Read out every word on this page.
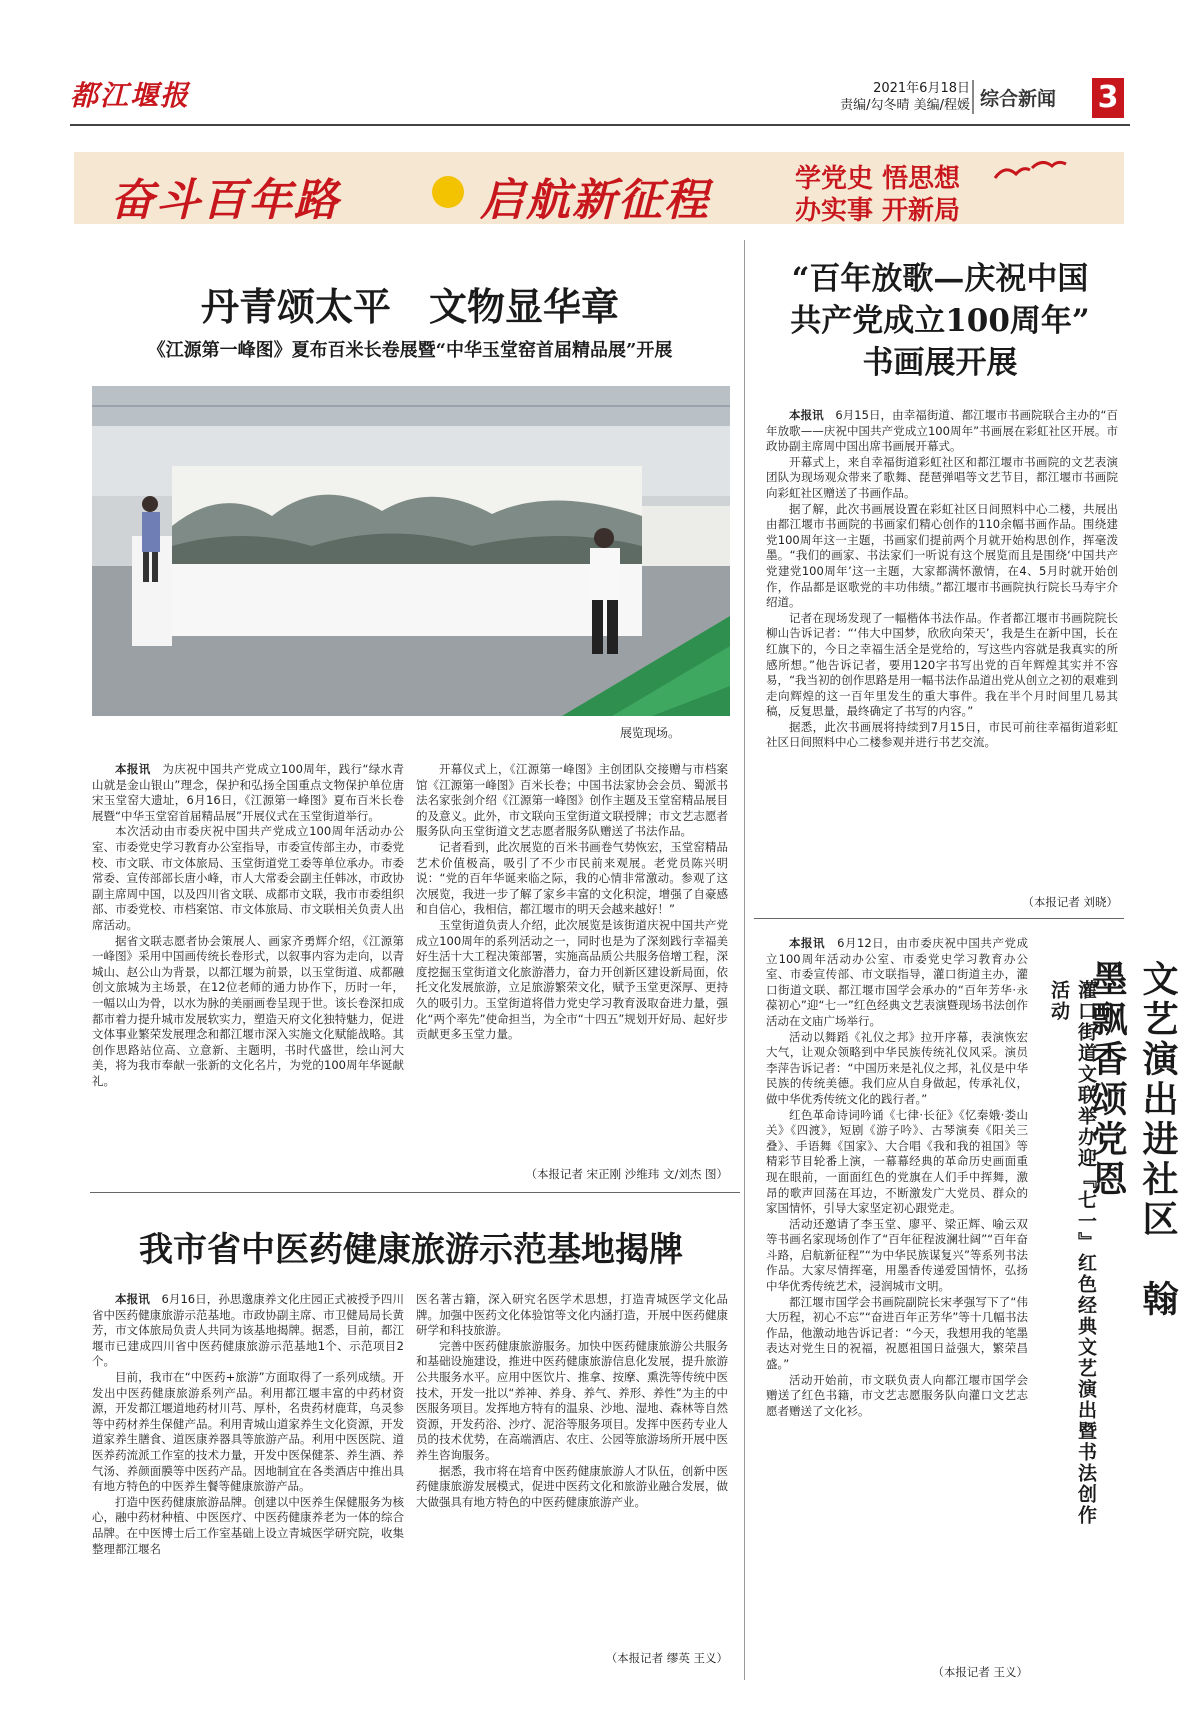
都江堰报	2021年6月18日
责编/勾冬晴 美编/程媛 综合新闻 3
奋斗百年路	启航新征程	学党史 悟思想
办实事 开新局
丹青颂太平　文物显华章
《江源第一峰图》夏布百米长卷展暨“中华玉堂窑首届精品展”开展
展览现场。

本报讯　 为庆祝中国共产党成立100周年，践行“绿水青山就是金山银山”理念，保护和弘扬全国重点文物保护单位唐宋玉堂窑大遗址，6月16日，《江源第一峰图》夏布百米长卷展暨“中华玉堂窑首届精品展”开展仪式在玉堂街道举行。

本次活动由市委庆祝中国共产党成立100周年活动办公室、市委党史学习教育办公室指导，市委宣传部主办，市委党校、市文联、市文体旅局、玉堂街道党工委等单位承办。市委常委、宣传部部长唐小峰，市人大常委会副主任韩冰，市政协副主席周中国，以及四川省文联、成都市文联，我市市委组织部、市委党校、市档案馆、市文体旅局、市文联相关负责人出席活动。

据省文联志愿者协会策展人、画家齐勇辉介绍，《江源第一峰图》采用中国画传统长卷形式，以叙事内容为走向，以青城山、赵公山为背景，以都江堰为前景，以玉堂街道、成都融创文旅城为主场景，在12位老师的通力协作下，历时一年，一幅以山为骨，以水为脉的美丽画卷呈现于世。该长卷深扣成都市着力提升城市发展软实力，塑造天府文化独特魅力，促进文体事业繁荣发展理念和都江堰市深入实施文化赋能战略。其创作思路站位高、立意新、主题明，书时代盛世，绘山河大美，将为我市奉献一张新的文化名片，为党的100周年华诞献礼。

开幕仪式上，《江源第一峰图》主创团队交接赠与市档案馆《江源第一峰图》百米长卷；中国书法家协会会员、蜀派书法名家张剑介绍《江源第一峰图》创作主题及玉堂窑精品展目的及意义。此外，市文联向玉堂街道文联授牌；市文艺志愿者服务队向玉堂街道文艺志愿者服务队赠送了书法作品。

记者看到，此次展览的百米书画卷气势恢宏，玉堂窑精品艺术价值极高，吸引了不少市民前来观展。老党员陈兴明说：“党的百年华诞来临之际，我的心情非常激动。参观了这次展览，我进一步了解了家乡丰富的文化积淀，增强了自豪感和自信心，我相信，都江堰市的明天会越来越好！”

玉堂街道负责人介绍，此次展览是该街道庆祝中国共产党成立100周年的系列活动之一，同时也是为了深刻践行幸福美好生活十大工程决策部署，实施高品质公共服务倍增工程，深度挖掘玉堂街道文化旅游潜力，奋力开创新区建设新局面，依托文化发展旅游，立足旅游繁荣文化，赋予玉堂更深厚、更持久的吸引力。玉堂街道将借力党史学习教育汲取奋进力量，强化“两个率先”使命担当，为全市“十四五”规划开好局、起好步贡献更多玉堂力量。

（本报记者 宋正刚 沙维玮 文/刘杰 图）
我市省中医药健康旅游示范基地揭牌

本报讯　 6月16日，孙思邈康养文化庄园正式被授予四川省中医药健康旅游示范基地。市政协副主席、市卫健局局长黄芳，市文体旅局负责人共同为该基地揭牌。据悉，目前，都江堰市已建成四川省中医药健康旅游示范基地1个、示范项目2个。

目前，我市在“中医药+旅游”方面取得了一系列成绩。开发出中医药健康旅游系列产品。利用都江堰丰富的中药材资源，开发都江堰道地药材川芎、厚朴，名贵药材鹿茸，乌灵参等中药材养生保健产品。利用青城山道家养生文化资源，开发道家养生膳食、道医康养器具等旅游产品。利用中医医院、道医养药流派工作室的技术力量，开发中医保健茶、养生酒、养气汤、养颜面膜等中医药产品。因地制宜在各类酒店中推出具有地方特色的中医养生餐等健康旅游产品。

打造中医药健康旅游品牌。创建以中医养生保健服务为核心，融中药材种植、中医医疗、中医药健康养老为一体的综合品牌。在中医博士后工作室基础上设立青城医学研究院，收集整理都江堰名

医名著古籍，深入研究名医学术思想，打造青城医学文化品牌。加强中医药文化体验馆等文化内涵打造，开展中医药健康研学和科技旅游。

完善中医药健康旅游服务。加快中医药健康旅游公共服务和基础设施建设，推进中医药健康旅游信息化发展，提升旅游公共服务水平。应用中医饮片、推拿、按摩、熏洗等传统中医技术，开发一批以“养神、养身、养气、养形、养性”为主的中医服务项目。发挥地方特有的温泉、沙地、湿地、森林等自然资源，开发药浴、沙疗、泥浴等服务项目。发挥中医药专业人员的技术优势，在高端酒店、农庄、公园等旅游场所开展中医养生咨询服务。

据悉，我市将在培育中医药健康旅游人才队伍，创新中医药健康旅游发展模式，促进中医药文化和旅游业融合发展，做大做强具有地方特色的中医药健康旅游产业。

（本报记者 缪英 王义）
“百年放歌—庆祝中国
共产党成立100周年”
书画展开展

本报讯　 6月15日，由幸福街道、都江堰市书画院联合主办的“百年放歌——庆祝中国共产党成立100周年”书画展在彩虹社区开展。市政协副主席周中国出席书画展开幕式。

开幕式上，来自幸福街道彩虹社区和都江堰市书画院的文艺表演团队为现场观众带来了歌舞、琵琶弹唱等文艺节目，都江堰市书画院向彩虹社区赠送了书画作品。

据了解，此次书画展设置在彩虹社区日间照料中心二楼，共展出由都江堰市书画院的书画家们精心创作的110余幅书画作品。围绕建党100周年这一主题，书画家们提前两个月就开始构思创作，挥毫泼墨。“我们的画家、书法家们一听说有这个展览而且是围绕‘中国共产党建党100周年’这一主题，大家都满怀激情，在4、5月时就开始创作，作品都是讴歌党的丰功伟绩。”都江堰市书画院执行院长马寿宇介绍道。

记者在现场发现了一幅楷体书法作品。作者都江堰市书画院院长柳山告诉记者：“‘伟大中国梦，欣欣向荣天’，我是生在新中国，长在红旗下的，今日之幸福生活全是党给的，写这些内容就是我真实的所感所想。”他告诉记者，要用120字书写出党的百年辉煌其实并不容易，“我当初的创作思路是用一幅书法作品道出党从创立之初的艰难到走向辉煌的这一百年里发生的重大事件。我在半个月时间里几易其稿，反复思量，最终确定了书写的内容。”

据悉，此次书画展将持续到7月15日，市民可前往幸福街道彩虹社区日间照料中心二楼参观并进行书艺交流。

（本报记者 刘晓）

本报讯　 6月12日，由市委庆祝中国共产党成立100周年活动办公室、市委党史学习教育办公室、市委宣传部、市文联指导，灌口街道主办，灌口街道文联、都江堰市国学会承办的“百年芳华·永葆初心”迎“七一”红色经典文艺表演暨现场书法创作活动在文庙广场举行。

活动以舞蹈《礼仪之邦》拉开序幕，表演恢宏大气，让观众领略到中华民族传统礼仪风采。演员李萍告诉记者：“中国历来是礼仪之邦，礼仪是中华民族的传统美德。我们应从自身做起，传承礼仪，做中华优秀传统文化的践行者。”

红色革命诗词吟诵《七律·长征》《忆秦娥·娄山关》《四渡》，短剧《游子吟》、古琴演奏《阳关三叠》、手语舞《国家》、大合唱《我和我的祖国》等精彩节目轮番上演，一幕幕经典的革命历史画面重现在眼前，一面面红色的党旗在人们手中挥舞，激昂的歌声回荡在耳边，不断激发广大党员、群众的家国情怀，引导大家坚定初心跟党走。

活动还邀请了李玉堂、廖平、梁正辉、喻云双等书画名家现场创作了“百年征程波澜壮阔”“百年奋斗路，启航新征程”“为中华民族谋复兴”等系列书法作品。大家尽情挥毫，用墨香传递爱国情怀，弘扬中华优秀传统艺术，浸润城市文明。

都江堰市国学会书画院副院长宋孝强写下了“伟大历程，初心不忘”“奋进百年正芳华”等十几幅书法作品，他激动地告诉记者：“今天，我想用我的笔墨表达对党生日的祝福，祝愿祖国日益强大，繁荣昌盛。”

活动开始前，市文联负责人向都江堰市国学会赠送了红色书籍，市文艺志愿服务队向灌口文艺志愿者赠送了文化衫。

（本报记者 王义）
文艺演出进社区　翰墨飘香颂党恩
灌口街道文联举办迎『七一』红色经典文艺演出暨书法创作活动
